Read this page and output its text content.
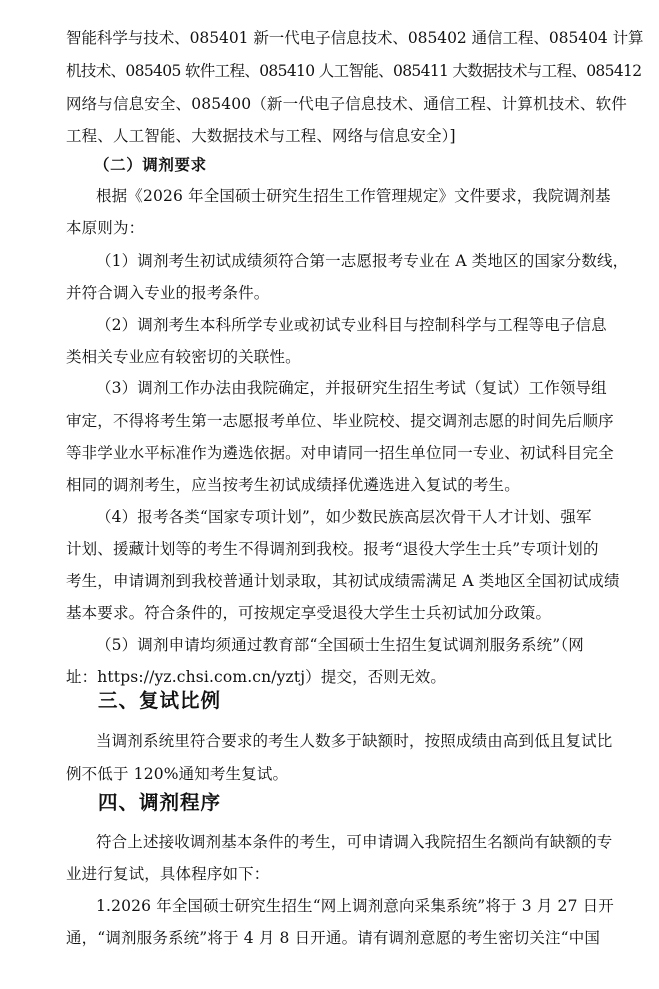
智能科学与技术、085401 新一代电子信息技术、085402 通信工程、085404 计算
机技术、085405 软件工程、085410 人工智能、085411 大数据技术与工程、085412
网络与信息安全、085400（新一代电子信息技术、通信工程、计算机技术、软件
工程、人工智能、大数据技术与工程、网络与信息安全）]
（二）调剂要求
根据《2026 年全国硕士研究生招生工作管理规定》文件要求，我院调剂基
本原则为：
（1）调剂考生初试成绩须符合第一志愿报考专业在 A 类地区的国家分数线，
并符合调入专业的报考条件。
（2）调剂考生本科所学专业或初试专业科目与控制科学与工程等电子信息
类相关专业应有较密切的关联性。
（3）调剂工作办法由我院确定，并报研究生招生考试（复试）工作领导组
审定，不得将考生第一志愿报考单位、毕业院校、提交调剂志愿的时间先后顺序
等非学业水平标准作为遴选依据。对申请同一招生单位同一专业、初试科目完全
相同的调剂考生，应当按考生初试成绩择优遴选进入复试的考生。
（4）报考各类“国家专项计划”，如少数民族高层次骨干人才计划、强军
计划、援藏计划等的考生不得调剂到我校。报考“退役大学生士兵”专项计划的
考生，申请调剂到我校普通计划录取，其初试成绩需满足 A 类地区全国初试成绩
基本要求。符合条件的，可按规定享受退役大学生士兵初试加分政策。
（5）调剂申请均须通过教育部“全国硕士生招生复试调剂服务系统”（网
址：https://yz.chsi.com.cn/yztj）提交，否则无效。
三、复试比例
当调剂系统里符合要求的考生人数多于缺额时，按照成绩由高到低且复试比
例不低于 120%通知考生复试。
四、调剂程序
符合上述接收调剂基本条件的考生，可申请调入我院招生名额尚有缺额的专
业进行复试，具体程序如下：
1.2026 年全国硕士研究生招生“网上调剂意向采集系统”将于 3 月 27 日开
通，“调剂服务系统”将于 4 月 8 日开通。请有调剂意愿的考生密切关注“中国
